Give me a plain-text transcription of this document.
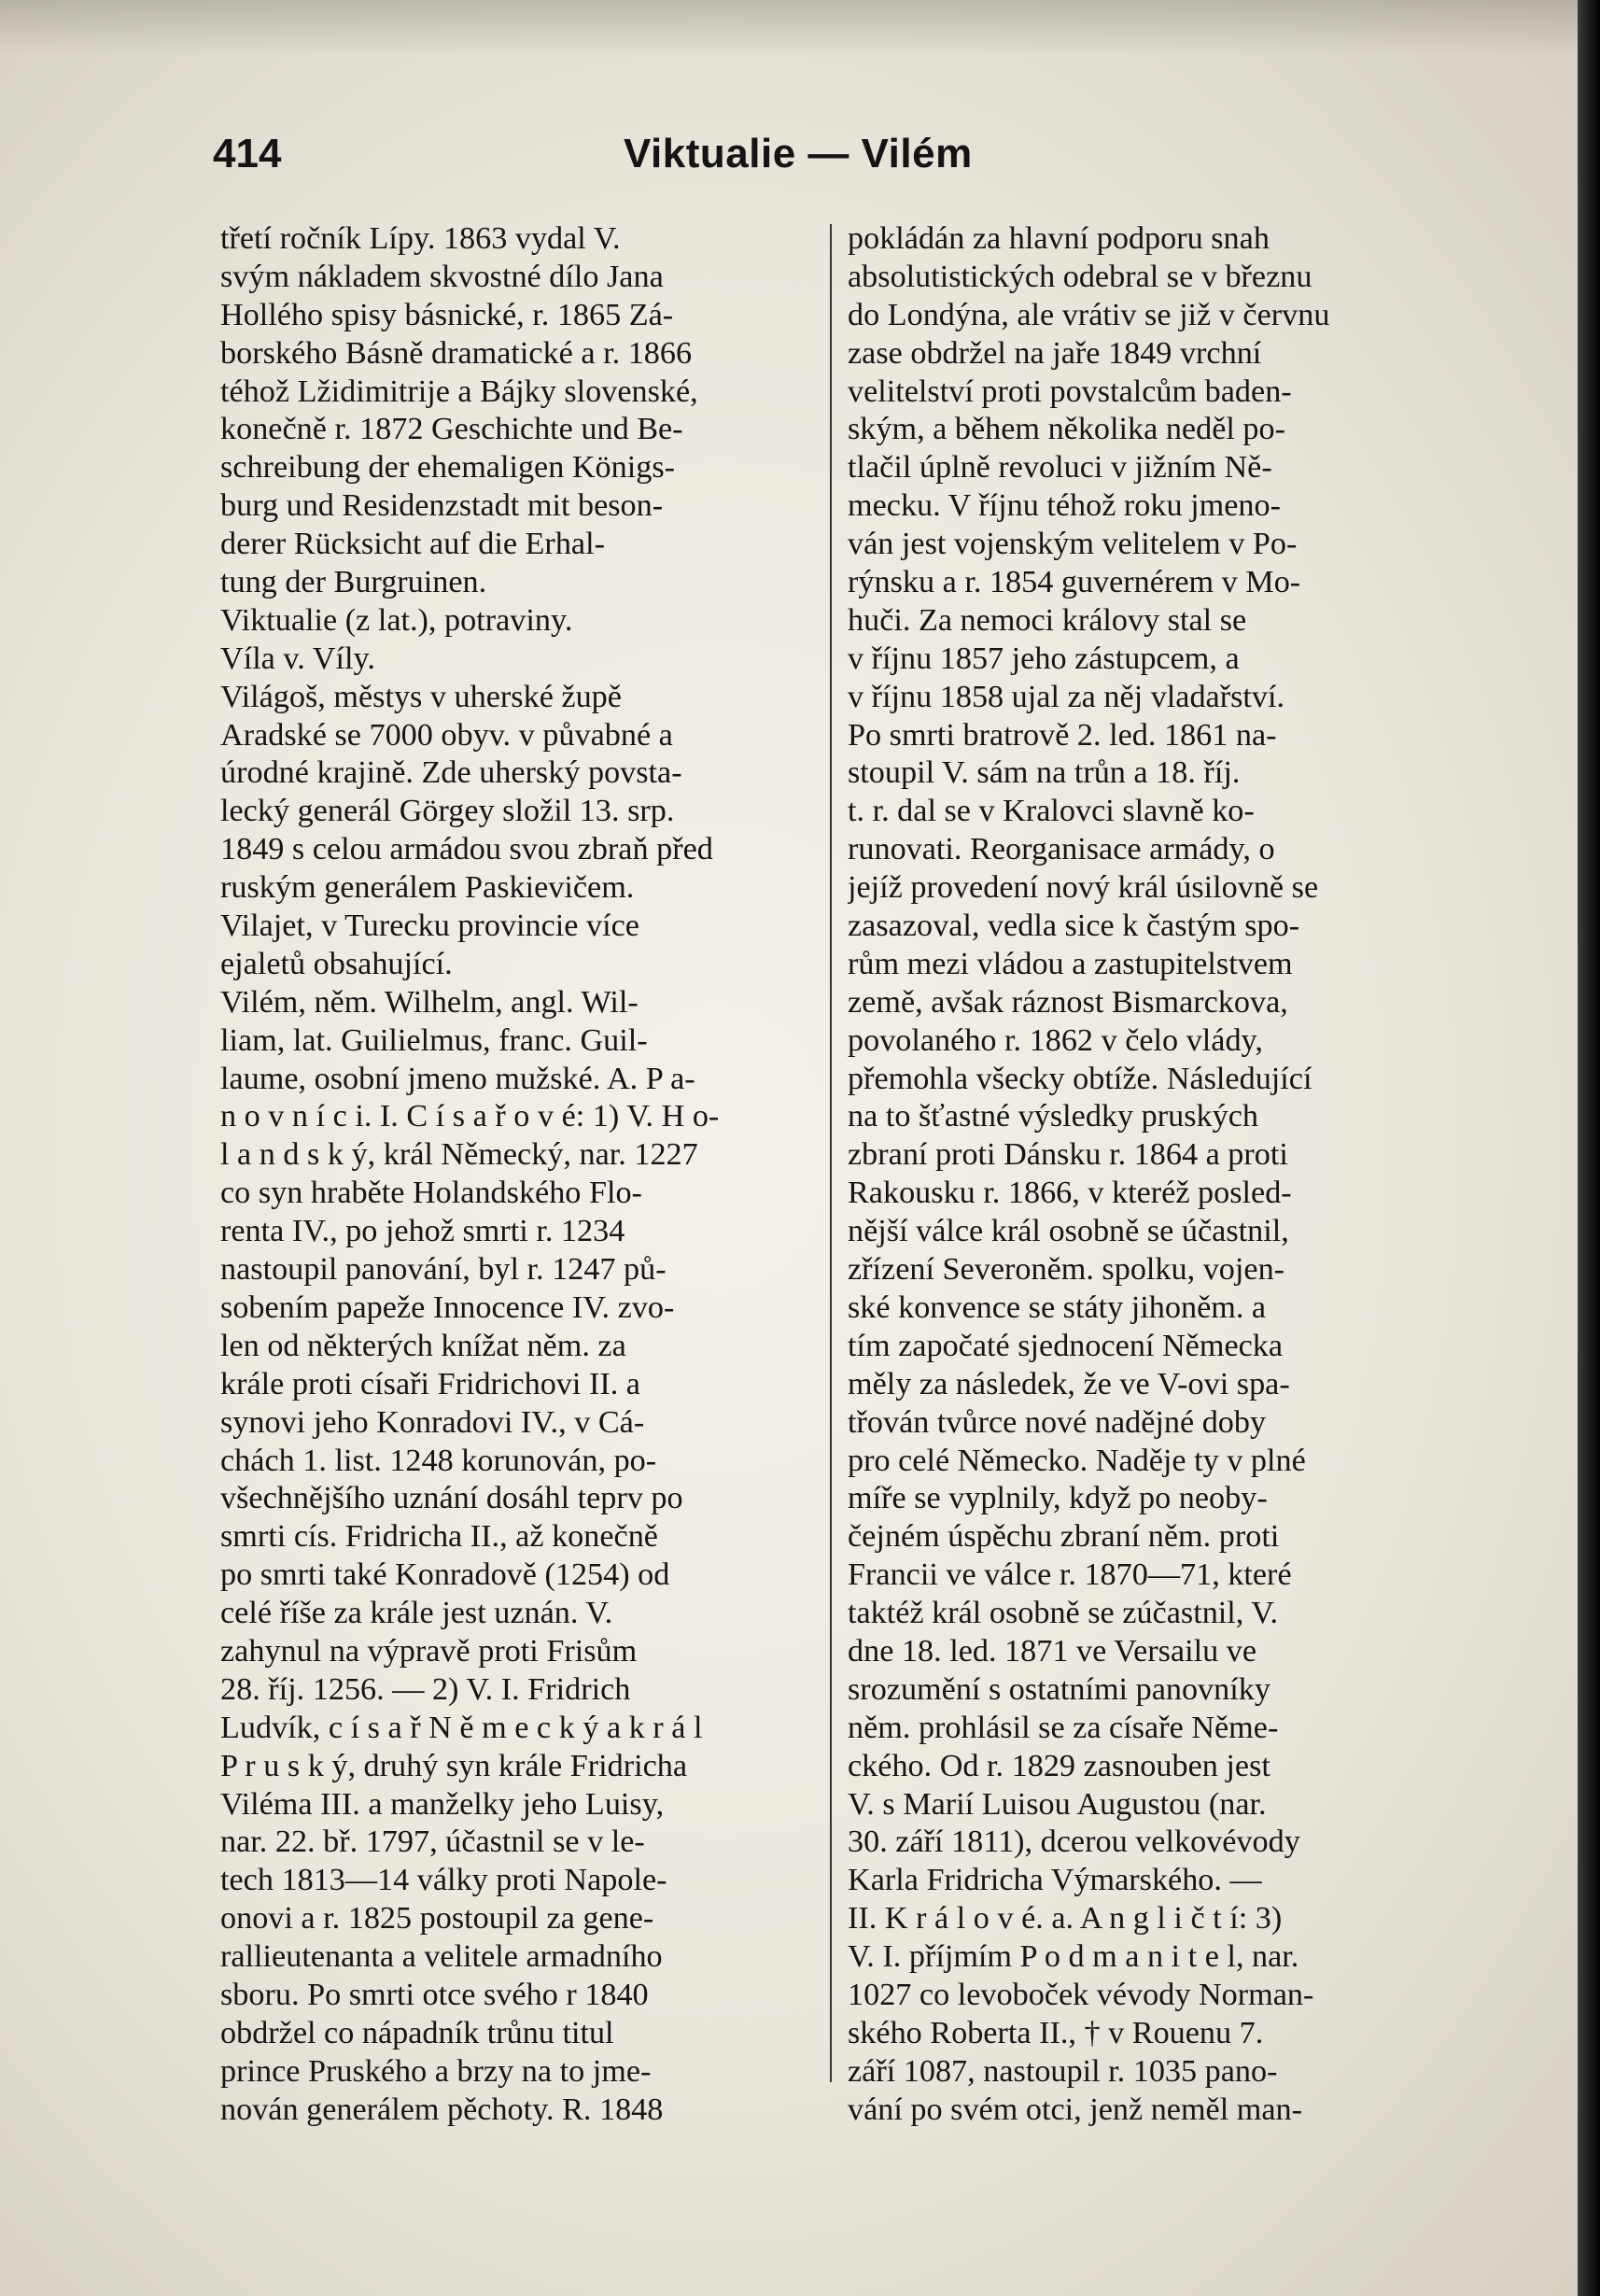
414	Viktualie — Vilém
třetí ročník Lípy. 1863 vydal V.
svým nákladem skvostné dílo Jana
Hollého spisy básnické, r. 1865 Zá-
borského Básně dramatické a r. 1866
téhož Lžidimitrije a Bájky slovenské,
konečně r. 1872 Geschichte und Be-
schreibung der ehemaligen Königs-
burg und Residenzstadt mit beson-
derer Rücksicht auf die Erhal-
tung der Burgruinen.
Viktualie (z lat.), potraviny.
Víla v. Víly.
Világoš, městys v uherské župě
Aradské se 7000 obyv. v půvabné a
úrodné krajině. Zde uherský povsta-
lecký generál Görgey složil 13. srp.
1849 s celou armádou svou zbraň před
ruským generálem Paskievičem.
Vilajet, v Turecku provincie více
ejaletů obsahující.
Vilém, něm. Wilhelm, angl. Wil-
liam, lat. Guilielmus, franc. Guil-
laume, osobní jmeno mužské. A. P a-
n o v n í c i. I. C í s a ř o v é: 1) V. H o-
l a n d s k ý, král Německý, nar. 1227
co syn hraběte Holandského Flo-
renta IV., po jehož smrti r. 1234
nastoupil panování, byl r. 1247 pů-
sobením papeže Innocence IV. zvo-
len od některých knížat něm. za
krále proti císaři Fridrichovi II. a
synovi jeho Konradovi IV., v Cá-
chách 1. list. 1248 korunován, po-
všechnějšího uznání dosáhl teprv po
smrti cís. Fridricha II., až konečně
po smrti také Konradově (1254) od
celé říše za krále jest uznán. V.
zahynul na výpravě proti Frisům
28. říj. 1256. — 2) V. I. Fridrich
Ludvík, c í s a ř N ě m e c k ý a k r á l
P r u s k ý, druhý syn krále Fridricha
Viléma III. a manželky jeho Luisy,
nar. 22. bř. 1797, účastnil se v le-
tech 1813—14 války proti Napole-
onovi a r. 1825 postoupil za gene-
rallieutenanta a velitele armadního
sboru. Po smrti otce svého r 1840
obdržel co nápadník trůnu titul
prince Pruského a brzy na to jme-
nován generálem pěchoty. R. 1848
pokládán za hlavní podporu snah
absolutistických odebral se v březnu
do Londýna, ale vrátiv se již v červnu
zase obdržel na jaře 1849 vrchní
velitelství proti povstalcům baden-
ským, a během několika neděl po-
tlačil úplně revoluci v jižním Ně-
mecku. V říjnu téhož roku jmeno-
ván jest vojenským velitelem v Po-
rýnsku a r. 1854 guvernérem v Mo-
huči. Za nemoci královy stal se
v říjnu 1857 jeho zástupcem, a
v říjnu 1858 ujal za něj vladařství.
Po smrti bratrově 2. led. 1861 na-
stoupil V. sám na trůn a 18. říj.
t. r. dal se v Kralovci slavně ko-
runovati. Reorganisace armády, o
jejíž provedení nový král úsilovně se
zasazoval, vedla sice k častým spo-
rům mezi vládou a zastupitelstvem
země, avšak ráznost Bismarckova,
povolaného r. 1862 v čelo vlády,
přemohla všecky obtíže. Následující
na to šťastné výsledky pruských
zbraní proti Dánsku r. 1864 a proti
Rakousku r. 1866, v kteréž posled-
nější válce král osobně se účastnil,
zřízení Severoněm. spolku, vojen-
ské konvence se státy jihoněm. a
tím započaté sjednocení Německa
měly za následek, že ve V-ovi spa-
třován tvůrce nové nadějné doby
pro celé Německo. Naděje ty v plné
míře se vyplnily, když po neoby-
čejném úspěchu zbraní něm. proti
Francii ve válce r. 1870—71, které
taktéž král osobně se zúčastnil, V.
dne 18. led. 1871 ve Versailu ve
srozumění s ostatními panovníky
něm. prohlásil se za císaře Něme-
ckého. Od r. 1829 zasnouben jest
V. s Marií Luisou Augustou (nar.
30. září 1811), dcerou velkovévody
Karla Fridricha Výmarského. —
II. K r á l o v é. a. A n g l i č t í: 3)
V. I. příjmím P o d m a n i t e l, nar.
1027 co levoboček vévody Norman-
ského Roberta II., † v Rouenu 7.
září 1087, nastoupil r. 1035 pano-
vání po svém otci, jenž neměl man-
